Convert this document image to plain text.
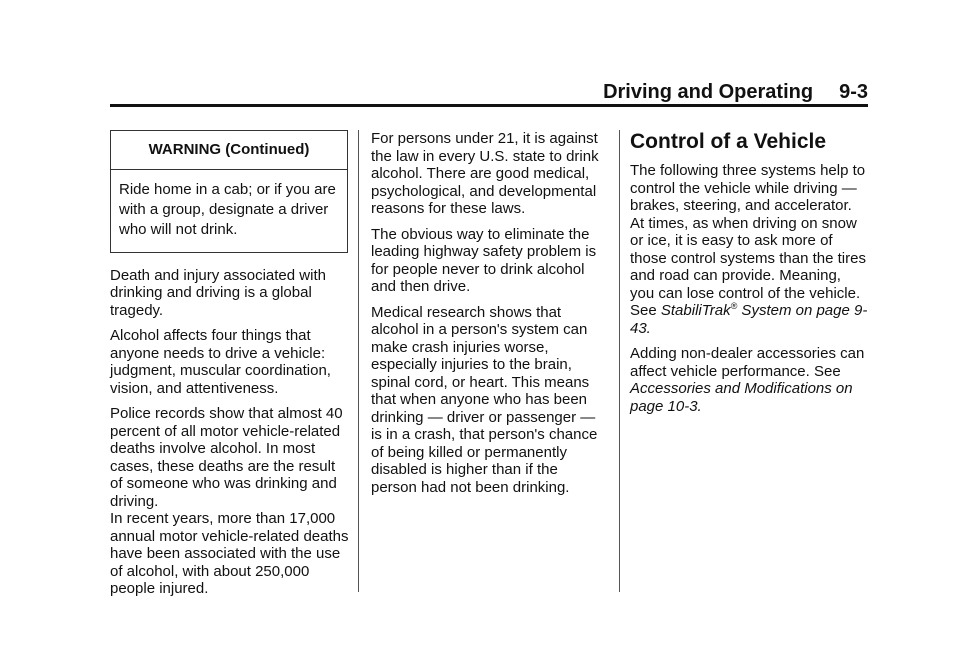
Driving and Operating 9-3
WARNING (Continued)
Ride home in a cab; or if you are with a group, designate a driver who will not drink.

Death and injury associated with drinking and driving is a global tragedy.

Alcohol affects four things that anyone needs to drive a vehicle: judgment, muscular coordination, vision, and attentiveness.

Police records show that almost 40 percent of all motor vehicle-related deaths involve alcohol. In most cases, these deaths are the result of someone who was drinking and driving.
In recent years, more than 17,000 annual motor vehicle-related deaths have been associated with the use of alcohol, with about 250,000 people injured.

For persons under 21, it is against the law in every U.S. state to drink alcohol. There are good medical, psychological, and developmental reasons for these laws.

The obvious way to eliminate the leading highway safety problem is for people never to drink alcohol and then drive.

Medical research shows that alcohol in a person's system can make crash injuries worse, especially injuries to the brain, spinal cord, or heart. This means that when anyone who has been drinking — driver or passenger — is in a crash, that person's chance of being killed or permanently disabled is higher than if the person had not been drinking.

Control of a Vehicle

The following three systems help to control the vehicle while driving — brakes, steering, and accelerator. At times, as when driving on snow or ice, it is easy to ask more of those control systems than the tires and road can provide. Meaning, you can lose control of the vehicle. See StabiliTrak® System on page 9-43.

Adding non-dealer accessories can affect vehicle performance. See Accessories and Modifications on page 10-3.
